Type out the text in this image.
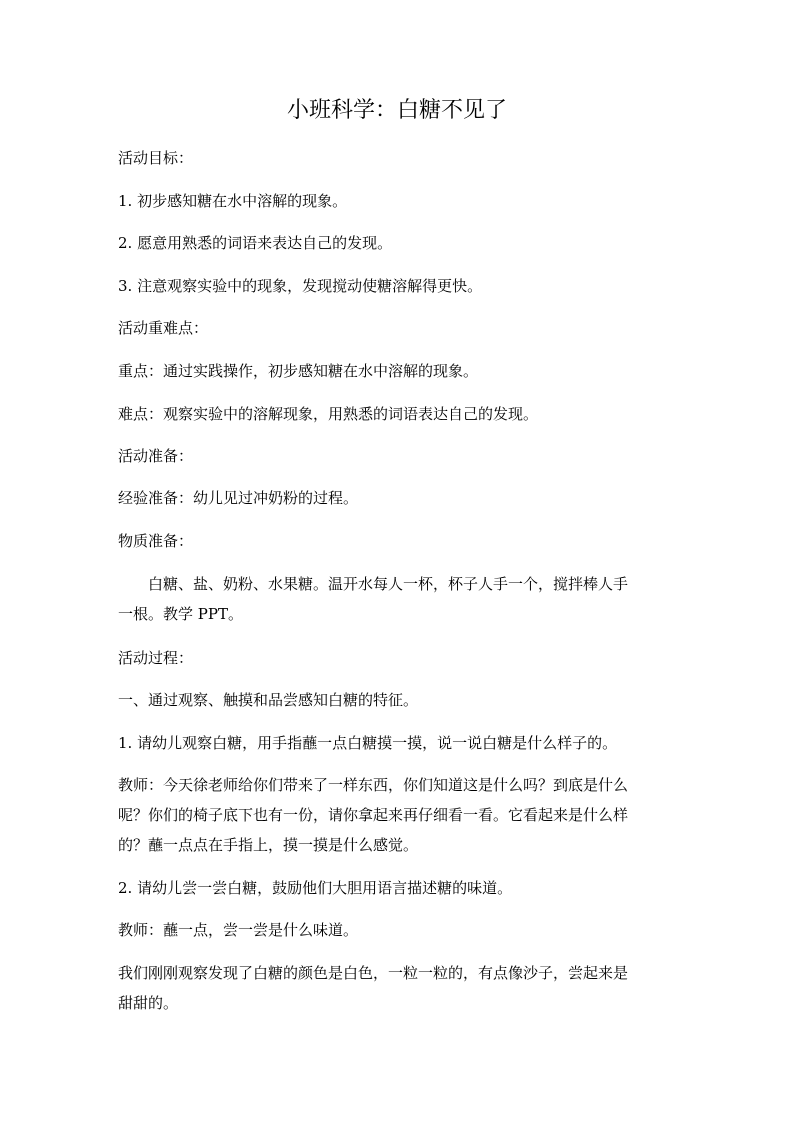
小班科学：白糖不见了
活动目标：
1. 初步感知糖在水中溶解的现象。
2. 愿意用熟悉的词语来表达自己的发现。
3. 注意观察实验中的现象，发现搅动使糖溶解得更快。
活动重难点：
重点：通过实践操作，初步感知糖在水中溶解的现象。
难点：观察实验中的溶解现象，用熟悉的词语表达自己的发现。
活动准备：
经验准备：幼儿见过冲奶粉的过程。
物质准备：
白糖、盐、奶粉、水果糖。温开水每人一杯，杯子人手一个，搅拌棒人手
一根。教学 PPT。
活动过程：
一、通过观察、触摸和品尝感知白糖的特征。
1. 请幼儿观察白糖，用手指蘸一点白糖摸一摸，说一说白糖是什么样子的。
教师：今天徐老师给你们带来了一样东西，你们知道这是什么吗？到底是什么
呢？你们的椅子底下也有一份，请你拿起来再仔细看一看。它看起来是什么样
的？蘸一点点在手指上，摸一摸是什么感觉。
2. 请幼儿尝一尝白糖，鼓励他们大胆用语言描述糖的味道。
教师：蘸一点，尝一尝是什么味道。
我们刚刚观察发现了白糖的颜色是白色，一粒一粒的，有点像沙子，尝起来是
甜甜的。
